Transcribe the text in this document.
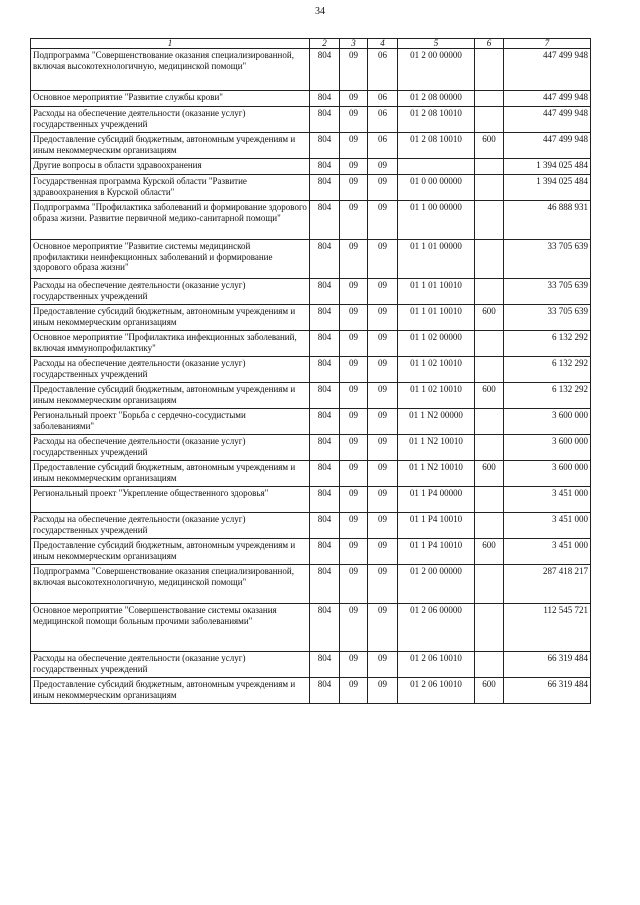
34
1	2	3	4	5	6	7
Подпрограмма "Совершенствование оказания специализированной, включая высокотехнологичную, медицинской помощи"	804	09	06	01 2 00 00000		447 499 948
Основное мероприятие "Развитие службы крови"	804	09	06	01 2 08 00000		447 499 948
Расходы на обеспечение деятельности (оказание услуг) государственных учреждений	804	09	06	01 2 08 10010		447 499 948
Предоставление субсидий бюджетным, автономным учреждениям и иным некоммерческим организациям	804	09	06	01 2 08 10010	600	447 499 948
Другие вопросы в области здравоохранения	804	09	09			1 394 025 484
Государственная программа Курской области "Развитие здравоохранения в Курской области"	804	09	09	01 0 00 00000		1 394 025 484
Подпрограмма "Профилактика заболеваний и формирование здорового образа жизни. Развитие первичной медико-санитарной помощи"	804	09	09	01 1 00 00000		46 888 931
Основное мероприятие "Развитие системы медицинской профилактики неинфекционных заболеваний и формирование здорового образа жизни"	804	09	09	01 1 01 00000		33 705 639
Расходы на обеспечение деятельности (оказание услуг) государственных учреждений	804	09	09	01 1 01 10010		33 705 639
Предоставление субсидий бюджетным, автономным учреждениям и иным некоммерческим организациям	804	09	09	01 1 01 10010	600	33 705 639
Основное мероприятие "Профилактика инфекционных заболеваний, включая иммунопрофилактику"	804	09	09	01 1 02 00000		6 132 292
Расходы на обеспечение деятельности (оказание услуг) государственных учреждений	804	09	09	01 1 02 10010		6 132 292
Предоставление субсидий бюджетным, автономным учреждениям и иным некоммерческим организациям	804	09	09	01 1 02 10010	600	6 132 292
Региональный проект "Борьба с сердечно-сосудистыми заболеваниями"	804	09	09	01 1 N2 00000		3 600 000
Расходы на обеспечение деятельности (оказание услуг) государственных учреждений	804	09	09	01 1 N2 10010		3 600 000
Предоставление субсидий бюджетным, автономным учреждениям и иным некоммерческим организациям	804	09	09	01 1 N2 10010	600	3 600 000
Региональный проект "Укрепление общественного здоровья"	804	09	09	01 1 P4 00000		3 451 000
Расходы на обеспечение деятельности (оказание услуг) государственных учреждений	804	09	09	01 1 P4 10010		3 451 000
Предоставление субсидий бюджетным, автономным учреждениям и иным некоммерческим организациям	804	09	09	01 1 P4 10010	600	3 451 000
Подпрограмма "Совершенствование оказания специализированной, включая высокотехнологичную, медицинской помощи"	804	09	09	01 2 00 00000		287 418 217
Основное мероприятие "Совершенствование системы оказания медицинской помощи больным прочими заболеваниями"	804	09	09	01 2 06 00000		112 545 721
Расходы на обеспечение деятельности (оказание услуг) государственных учреждений	804	09	09	01 2 06 10010		66 319 484
Предоставление субсидий бюджетным, автономным учреждениям и иным некоммерческим организациям	804	09	09	01 2 06 10010	600	66 319 484
